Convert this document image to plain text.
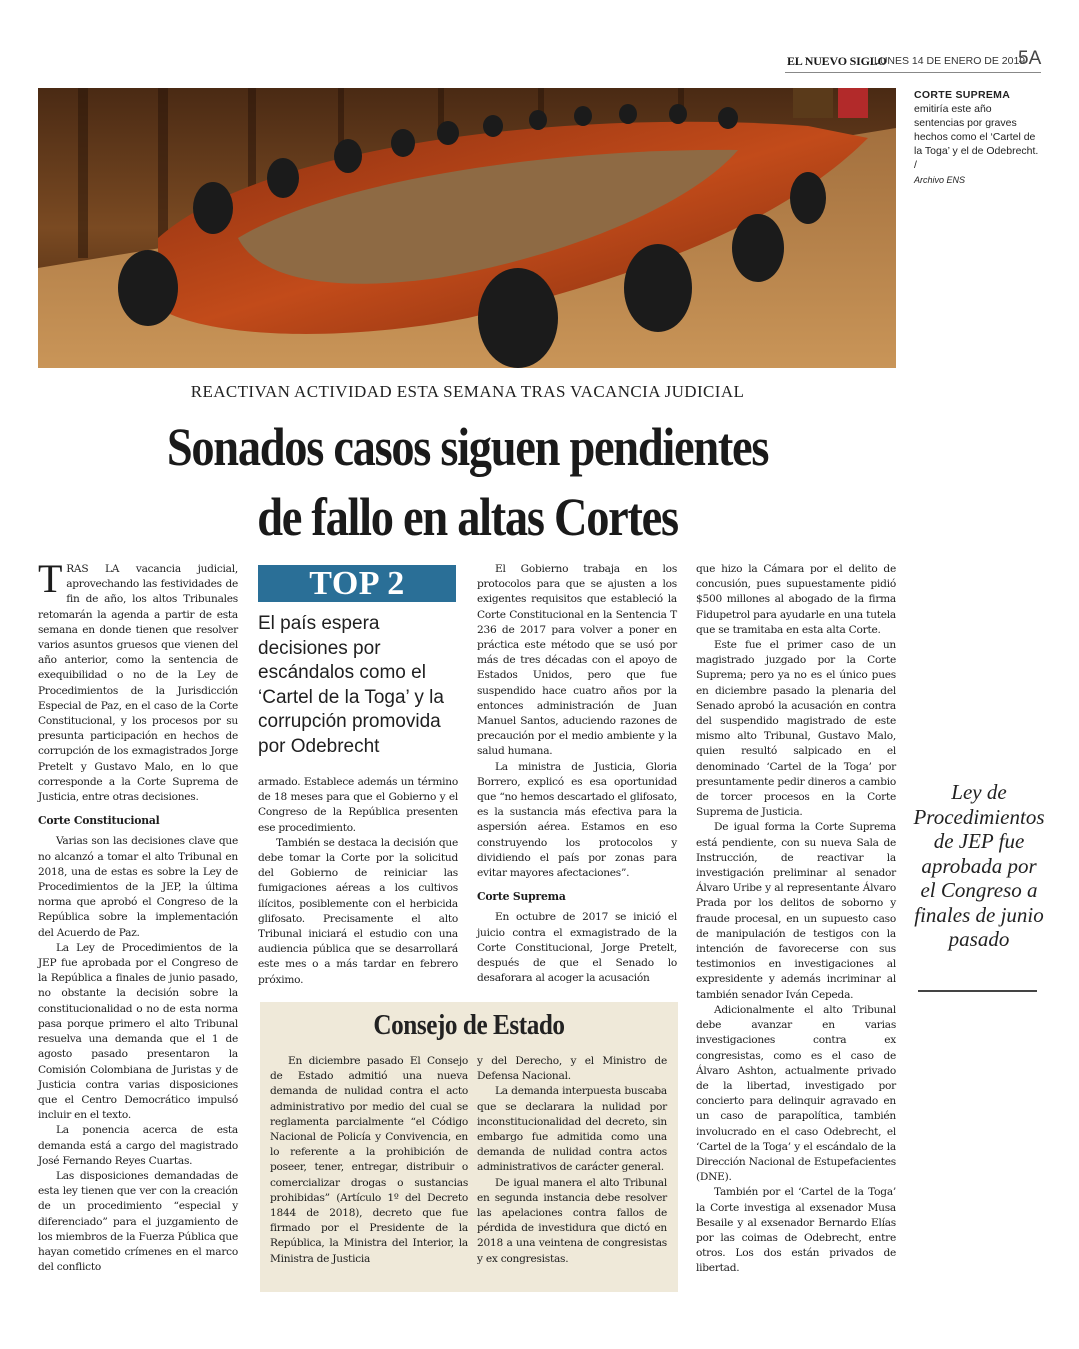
EL NUEVO SIGLO
LUNES 14 DE ENERO DE 2019
5A
CORTE SUPREMA
emitiría este año sentencias por graves hechos como el ‘Cartel de la Toga’ y el de Odebrecht. /
Archivo ENS
REACTIVAN ACTIVIDAD ESTA SEMANA TRAS VACANCIA JUDICIAL
Sonados casos siguen pendientes
de fallo en altas Cortes

TRAS LA vacancia judicial, aprovechando las festividades de fin de año, los altos Tribunales retomarán la agenda a partir de esta semana en donde tienen que resolver varios asuntos gruesos que vienen del año anterior, como la sentencia de exequibilidad o no de la Ley de Procedimientos de la Jurisdicción Especial de Paz, en el caso de la Corte Constitucional, y los procesos por su presunta participación en hechos de corrupción de los exmagistrados Jorge Pretelt y Gustavo Malo, en lo que corresponde a la Corte Suprema de Justicia, entre otras decisiones.

Corte Constitucional

Varias son las decisiones clave que no alcanzó a tomar el alto Tribunal en 2018, una de estas es sobre la Ley de Procedimientos de la JEP, la última norma que aprobó el Congreso de la República sobre la implementación del Acuerdo de Paz.

La Ley de Procedimientos de la JEP fue aprobada por el Congreso de la República a finales de junio pasado, no obstante la decisión sobre la constitucionalidad o no de esta norma pasa porque primero el alto Tribunal resuelva una demanda que el 1 de agosto pasado presentaron la Comisión Colombiana de Juristas y de Justicia contra varias disposiciones que el Centro Democrático impulsó incluir en el texto.

La ponencia acerca de esta demanda está a cargo del magistrado José Fernando Reyes Cuartas.

Las disposiciones demandadas de esta ley tienen que ver con la creación de un procedimiento “especial y diferenciado” para el juzgamiento de los miembros de la Fuerza Pública que hayan cometido crímenes en el marco del conflicto

TOP 2
El país espera decisiones por escándalos como el ‘Cartel de la Toga’ y la corrupción promovida por Odebrecht

armado. Establece además un término de 18 meses para que el Gobierno y el Congreso de la República presenten ese procedimiento.

También se destaca la decisión que debe tomar la Corte por la solicitud del Gobierno de reiniciar las fumigaciones aéreas a los cultivos ilícitos, posiblemente con el herbicida glifosato. Precisamente el alto Tribunal iniciará el estudio con una audiencia pública que se desarrollará este mes o a más tardar en febrero próximo.

El Gobierno trabaja en los protocolos para que se ajusten a los exigentes requisitos que estableció la Corte Constitucional en la Sentencia T 236 de 2017 para volver a poner en práctica este método que se usó por más de tres décadas con el apoyo de Estados Unidos, pero que fue suspendido hace cuatro años por la entonces administración de Juan Manuel Santos, aduciendo razones de precaución por el medio ambiente y la salud humana.

La ministra de Justicia, Gloria Borrero, explicó es esa oportunidad que “no hemos descartado el glifosato, es la sustancia más efectiva para la aspersión aérea. Estamos en eso construyendo los protocolos y dividiendo el país por zonas para evitar mayores afectaciones”.

Corte Suprema

En octubre de 2017 se inició el juicio contra el exmagistrado de la Corte Constitucional, Jorge Pretelt, después de que el Senado lo desaforara al acoger la acusación

que hizo la Cámara por el delito de concusión, pues supuestamente pidió $500 millones al abogado de la firma Fidupetrol para ayudarle en una tutela que se tramitaba en esta alta Corte.

Este fue el primer caso de un magistrado juzgado por la Corte Suprema; pero ya no es el único pues en diciembre pasado la plenaria del Senado aprobó la acusación en contra del suspendido magistrado de este mismo alto Tribunal, Gustavo Malo, quien resultó salpicado en el denominado ‘Cartel de la Toga’ por presuntamente pedir dineros a cambio de torcer procesos en la Corte Suprema de Justicia.

De igual forma la Corte Suprema está pendiente, con su nueva Sala de Instrucción, de reactivar la investigación preliminar al senador Álvaro Uribe y al representante Álvaro Prada por los delitos de soborno y fraude procesal, en un supuesto caso de manipulación de testigos con la intención de favorecerse con sus testimonios en investigaciones al expresidente y además incriminar al también senador Iván Cepeda.

Adicionalmente el alto Tribunal debe avanzar en varias investigaciones contra ex congresistas, como es el caso de Álvaro Ashton, actualmente privado de la libertad, investigado por concierto para delinquir agravado en un caso de parapolítica, también involucrado en el caso Odebrecht, el ‘Cartel de la Toga’ y el escándalo de la Dirección Nacional de Estupefacientes (DNE).

También por el ‘Cartel de la Toga’ la Corte investiga al exsenador Musa Besaile y al exsenador Bernardo Elías por las coimas de Odebrecht, entre otros. Los dos están privados de libertad.

Consejo de Estado

En diciembre pasado El Consejo de Estado admitió una nueva demanda de nulidad contra el acto administrativo por medio del cual se reglamenta parcialmente “el Código Nacional de Policía y Convivencia, en lo referente a la prohibición de poseer, tener, entregar, distribuir o comercializar drogas o sustancias prohibidas” (Artículo 1º del Decreto 1844 de 2018), decreto que fue firmado por el Presidente de la República, la Ministra del Interior, la Ministra de Justicia

y del Derecho, y el Ministro de Defensa Nacional.

La demanda interpuesta buscaba que se declarara la nulidad por inconstitucionalidad del decreto, sin embargo fue admitida como una demanda de nulidad contra actos administrativos de carácter general.

De igual manera el alto Tribunal en segunda instancia debe resolver las apelaciones contra fallos de pérdida de investidura que dictó en 2018 a una veintena de congresistas y ex congresistas.

Ley de Procedimientos de JEP fue aprobada por el Congreso a finales de junio pasado
